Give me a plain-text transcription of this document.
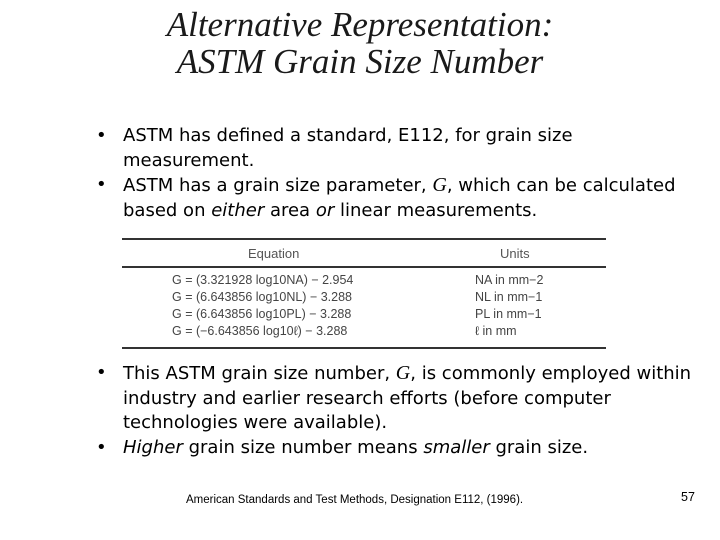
Alternative Representation:
ASTM Grain Size Number
• ASTM has defined a standard, E112, for grain size measurement.
• ASTM has a grain size parameter, G, which can be calculated based on either area or linear measurements.
Equation	Units
G = (3.321928 log10NA) − 2.954	NA in mm−2
G = (6.643856 log10NL) − 3.288	NL in mm−1
G = (6.643856 log10PL) − 3.288	PL in mm−1
G = (−6.643856 log10ℓ) − 3.288	ℓ in mm
• This ASTM grain size number, G, is commonly employed within industry and earlier research efforts (before computer technologies were available).
• Higher grain size number means smaller grain size.
American Standards and Test Methods, Designation E112, (1996).	57
